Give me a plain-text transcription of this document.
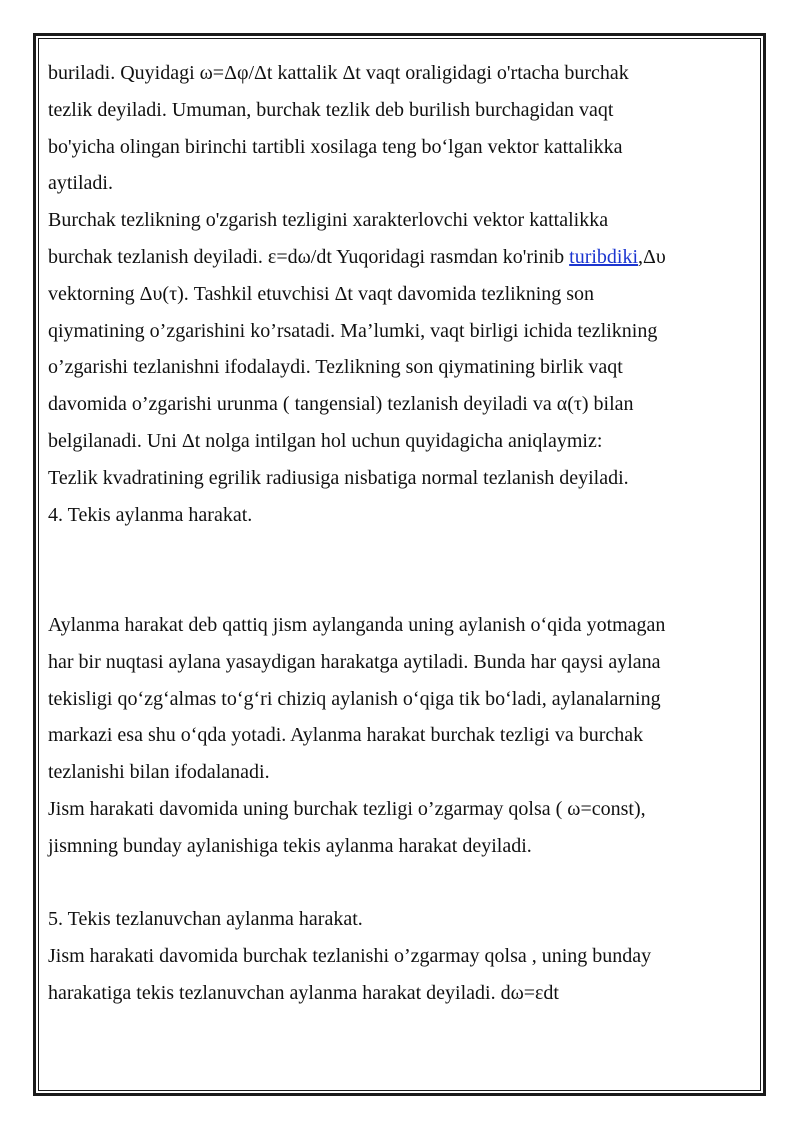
buriladi. Quyidagi ω=Δφ/Δt kattalik Δt vaqt oraligidagi o'rtacha burchak
tezlik deyiladi. Umuman, burchak tezlik deb burilish burchagidan vaqt
bo'yicha olingan birinchi tartibli xosilaga teng bo‘lgan vektor kattalikka
aytiladi.
Burchak tezlikning o'zgarish tezligini xarakterlovchi vektor kattalikka
burchak tezlanish deyiladi. ε=dω/dt Yuqoridagi rasmdan ko'rinib turibdiki,Δυ
vektorning Δυ(τ). Tashkil etuvchisi Δt vaqt davomida tezlikning son
qiymatining o’zgarishini ko’rsatadi. Ma’lumki, vaqt birligi ichida tezlikning
o’zgarishi tezlanishni ifodalaydi. Tezlikning son qiymatining birlik vaqt
davomida o’zgarishi urunma ( tangensial) tezlanish deyiladi va α(τ) bilan
belgilanadi. Uni Δt nolga intilgan hol uchun quyidagicha aniqlaymiz:
Tezlik kvadratining egrilik radiusiga nisbatiga normal tezlanish deyiladi.
4. Tekis aylanma harakat.
Aylanma harakat deb qattiq jism aylanganda uning aylanish o‘qida yotmagan
har bir nuqtasi aylana yasaydigan harakatga aytiladi. Bunda har qaysi aylana
tekisligi qo‘zg‘almas to‘g‘ri chiziq aylanish o‘qiga tik bo‘ladi, aylanalarning
markazi esa shu o‘qda yotadi. Aylanma harakat burchak tezligi va burchak
tezlanishi bilan ifodalanadi.
Jism harakati davomida uning burchak tezligi o’zgarmay qolsa ( ω=const),
jismning bunday aylanishiga tekis aylanma harakat deyiladi.
5. Tekis tezlanuvchan aylanma harakat.
Jism harakati davomida burchak tezlanishi o’zgarmay qolsa , uning bunday
harakatiga tekis tezlanuvchan aylanma harakat deyiladi. dω=εdt
